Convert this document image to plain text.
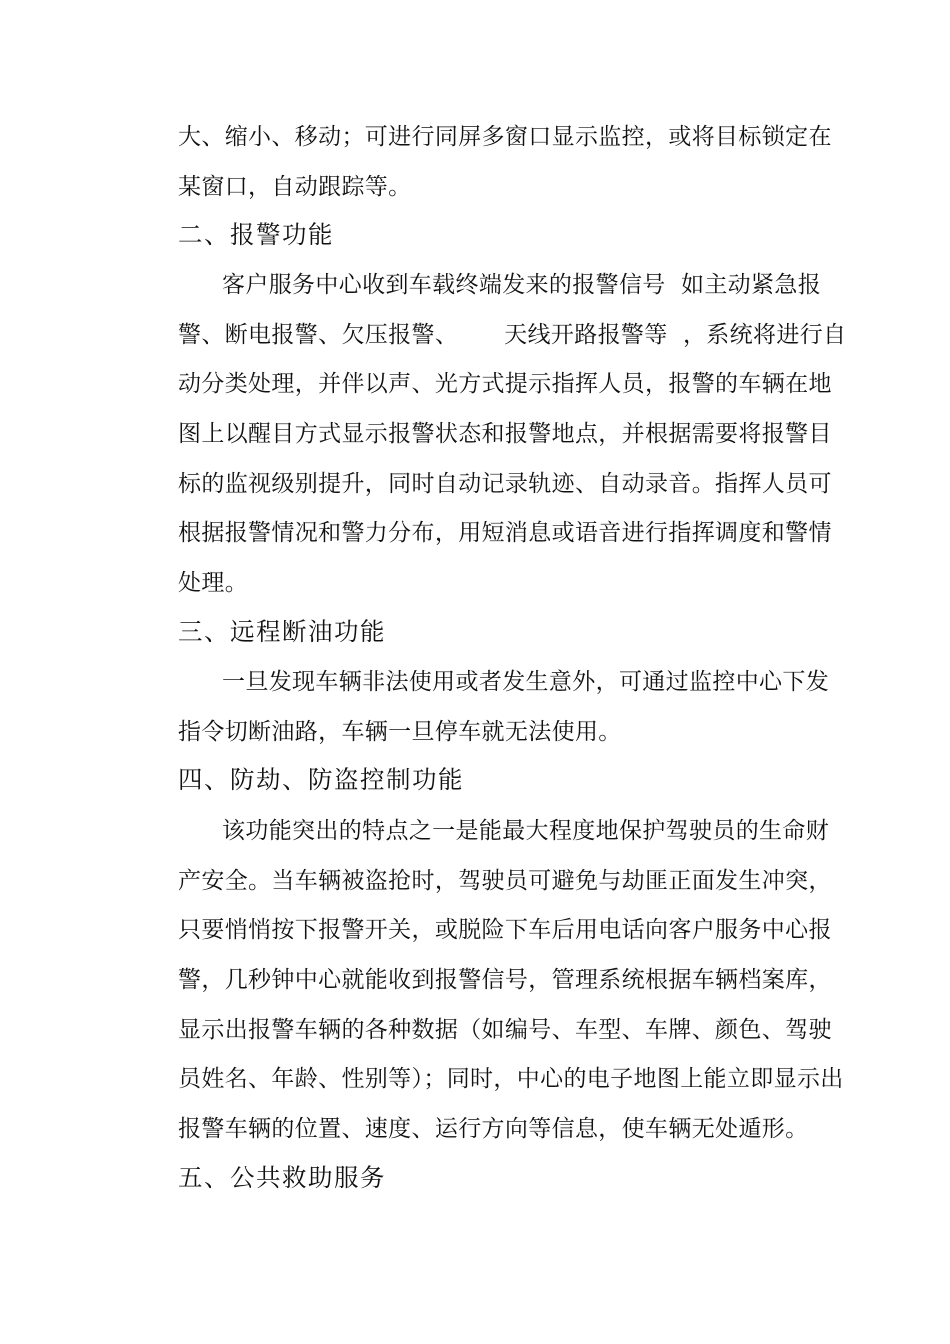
大、缩小、移动；可进行同屏多窗口显示监控，或将目标锁定在
某窗口，自动跟踪等。
二、报警功能
客户服务中心收到车载终端发来的报警信号  如主动紧急报
警、断电报警、欠压报警、      天线开路报警等  ，系统将进行自
动分类处理，并伴以声、光方式提示指挥人员，报警的车辆在地
图上以醒目方式显示报警状态和报警地点，并根据需要将报警目
标的监视级别提升，同时自动记录轨迹、自动录音。指挥人员可
根据报警情况和警力分布，用短消息或语音进行指挥调度和警情
处理。
三、远程断油功能
一旦发现车辆非法使用或者发生意外，可通过监控中心下发
指令切断油路，车辆一旦停车就无法使用。
四、防劫、防盗控制功能
该功能突出的特点之一是能最大程度地保护驾驶员的生命财
产安全。当车辆被盗抢时，驾驶员可避免与劫匪正面发生冲突，
只要悄悄按下报警开关，或脱险下车后用电话向客户服务中心报
警，几秒钟中心就能收到报警信号，管理系统根据车辆档案库，
显示出报警车辆的各种数据（如编号、车型、车牌、颜色、驾驶
员姓名、年龄、性别等）；同时，中心的电子地图上能立即显示出
报警车辆的位置、速度、运行方向等信息，使车辆无处遁形。
五、公共救助服务
